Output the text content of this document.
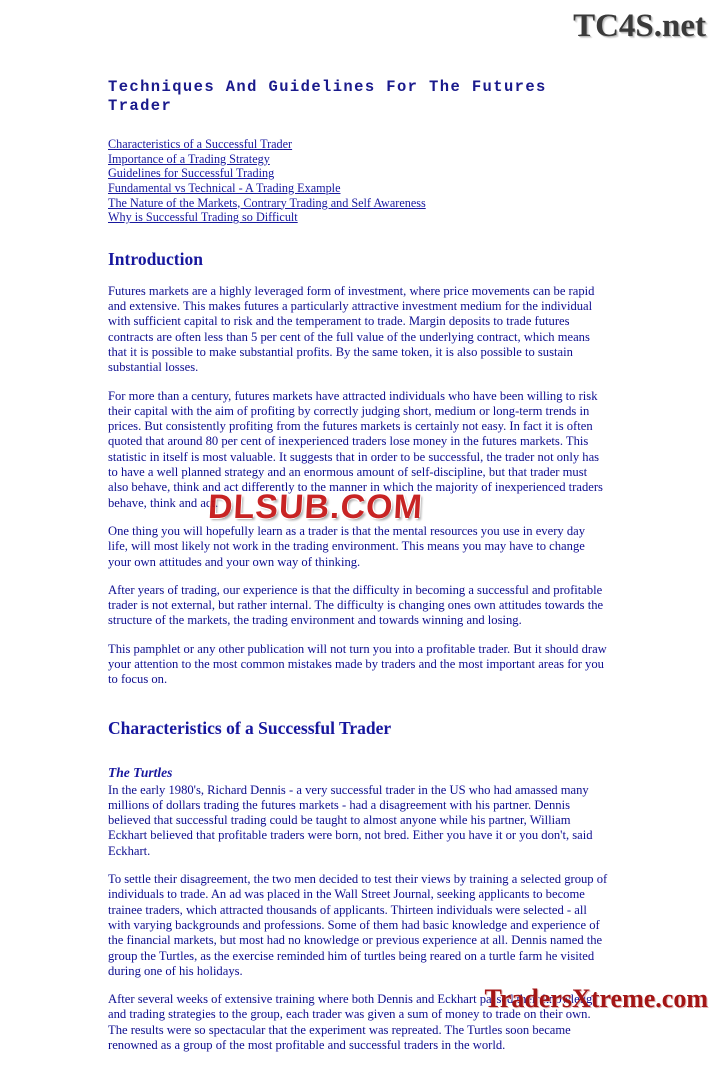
TC4S.net
Techniques And Guidelines For The Futures Trader
Characteristics of a Successful Trader
Importance of a Trading Strategy
Guidelines for Successful Trading
Fundamental vs Technical - A Trading Example
The Nature of the Markets, Contrary Trading and Self Awareness
Why is Successful Trading so Difficult
Introduction

Futures markets are a highly leveraged form of investment, where price movements can be rapid and extensive. This makes futures a particularly attractive investment medium for the individual with sufficient capital to risk and the temperament to trade. Margin deposits to trade futures contracts are often less than 5 per cent of the full value of the underlying contract, which means that it is possible to make substantial profits. By the same token, it is also possible to sustain substantial losses.

For more than a century, futures markets have attracted individuals who have been willing to risk their capital with the aim of profiting by correctly judging short, medium or long-term trends in prices. But consistently profiting from the futures markets is certainly not easy. In fact it is often quoted that around 80 per cent of inexperienced traders lose money in the futures markets. This statistic in itself is most valuable. It suggests that in order to be successful, the trader not only has to have a well planned strategy and an enormous amount of self-discipline, but that trader must also behave, think and act differently to the manner in which the majority of inexperienced traders behave, think and act.

One thing you will hopefully learn as a trader is that the mental resources you use in every day life, will most likely not work in the trading environment. This means you may have to change your own attitudes and your own way of thinking.

After years of trading, our experience is that the difficulty in becoming a successful and profitable trader is not external, but rather internal. The difficulty is changing ones own attitudes towards the structure of the markets, the trading environment and towards winning and losing.

This pamphlet or any other publication will not turn you into a profitable trader. But it should draw your attention to the most common mistakes made by traders and the most important areas for you to focus on.

Characteristics of a Successful Trader
The Turtles

In the early 1980's, Richard Dennis - a very successful trader in the US who had amassed many millions of dollars trading the futures markets - had a disagreement with his partner. Dennis believed that successful trading could be taught to almost anyone while his partner, William Eckhart believed that profitable traders were born, not bred. Either you have it or you don't, said Eckhart.

To settle their disagreement, the two men decided to test their views by training a selected group of individuals to trade. An ad was placed in the Wall Street Journal, seeking applicants to become trainee traders, which attracted thousands of applicants. Thirteen individuals were selected - all with varying backgrounds and professions. Some of them had basic knowledge and experience of the financial markets, but most had no knowledge or previous experience at all. Dennis named the group the Turtles, as the exercise reminded him of turtles being reared on a turtle farm he visited during one of his holidays.

After several weeks of extensive training where both Dennis and Eckhart passed their knowledge and trading strategies to the group, each trader was given a sum of money to trade on their own. The results were so spectacular that the experiment was repreated. The Turtles soon became renowned as a group of the most profitable and successful traders in the world.

DLSUB.COM
TradersXtreme.com
